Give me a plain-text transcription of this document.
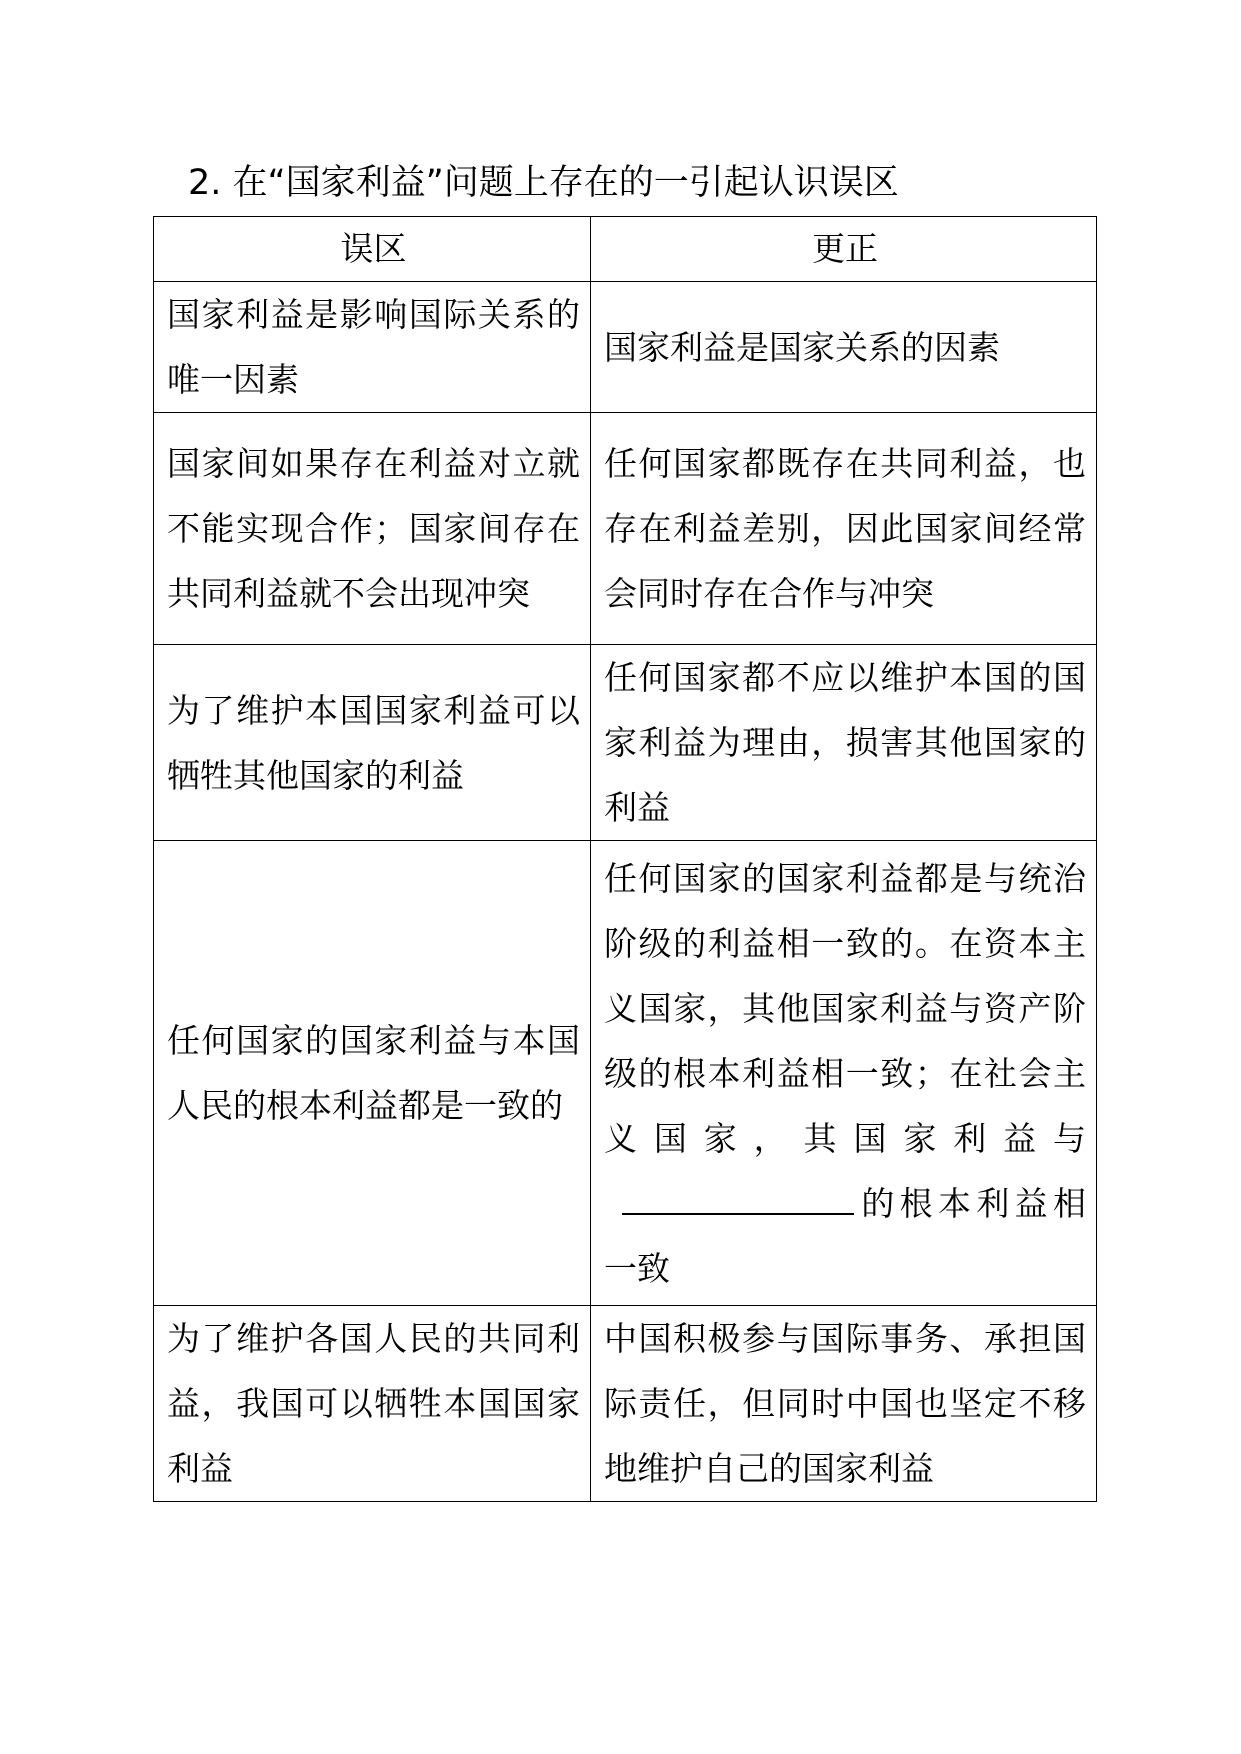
2. 在“国家利益”问题上存在的一引起认识误区
误区	更正
国家利益是影响国际关系的唯一因素	国家利益是国家关系的因素
国家间如果存在利益对立就不能实现合作；国家间存在共同利益就不会出现冲突	任何国家都既存在共同利益，也存在利益差别，因此国家间经常会同时存在合作与冲突
为了维护本国国家利益可以牺牲其他国家的利益	任何国家都不应以维护本国的国家利益为理由，损害其他国家的利益
任何国家的国家利益与本国人民的根本利益都是一致的	任何国家的国家利益都是与统治阶级的利益相一致的。在资本主义国家，其他国家利益与资产阶级的根本利益相一致；在社会主义国家，其国家利益与的根本利益相一致
为了维护各国人民的共同利益，我国可以牺牲本国国家利益	中国积极参与国际事务、承担国际责任，但同时中国也坚定不移地维护自己的国家利益
